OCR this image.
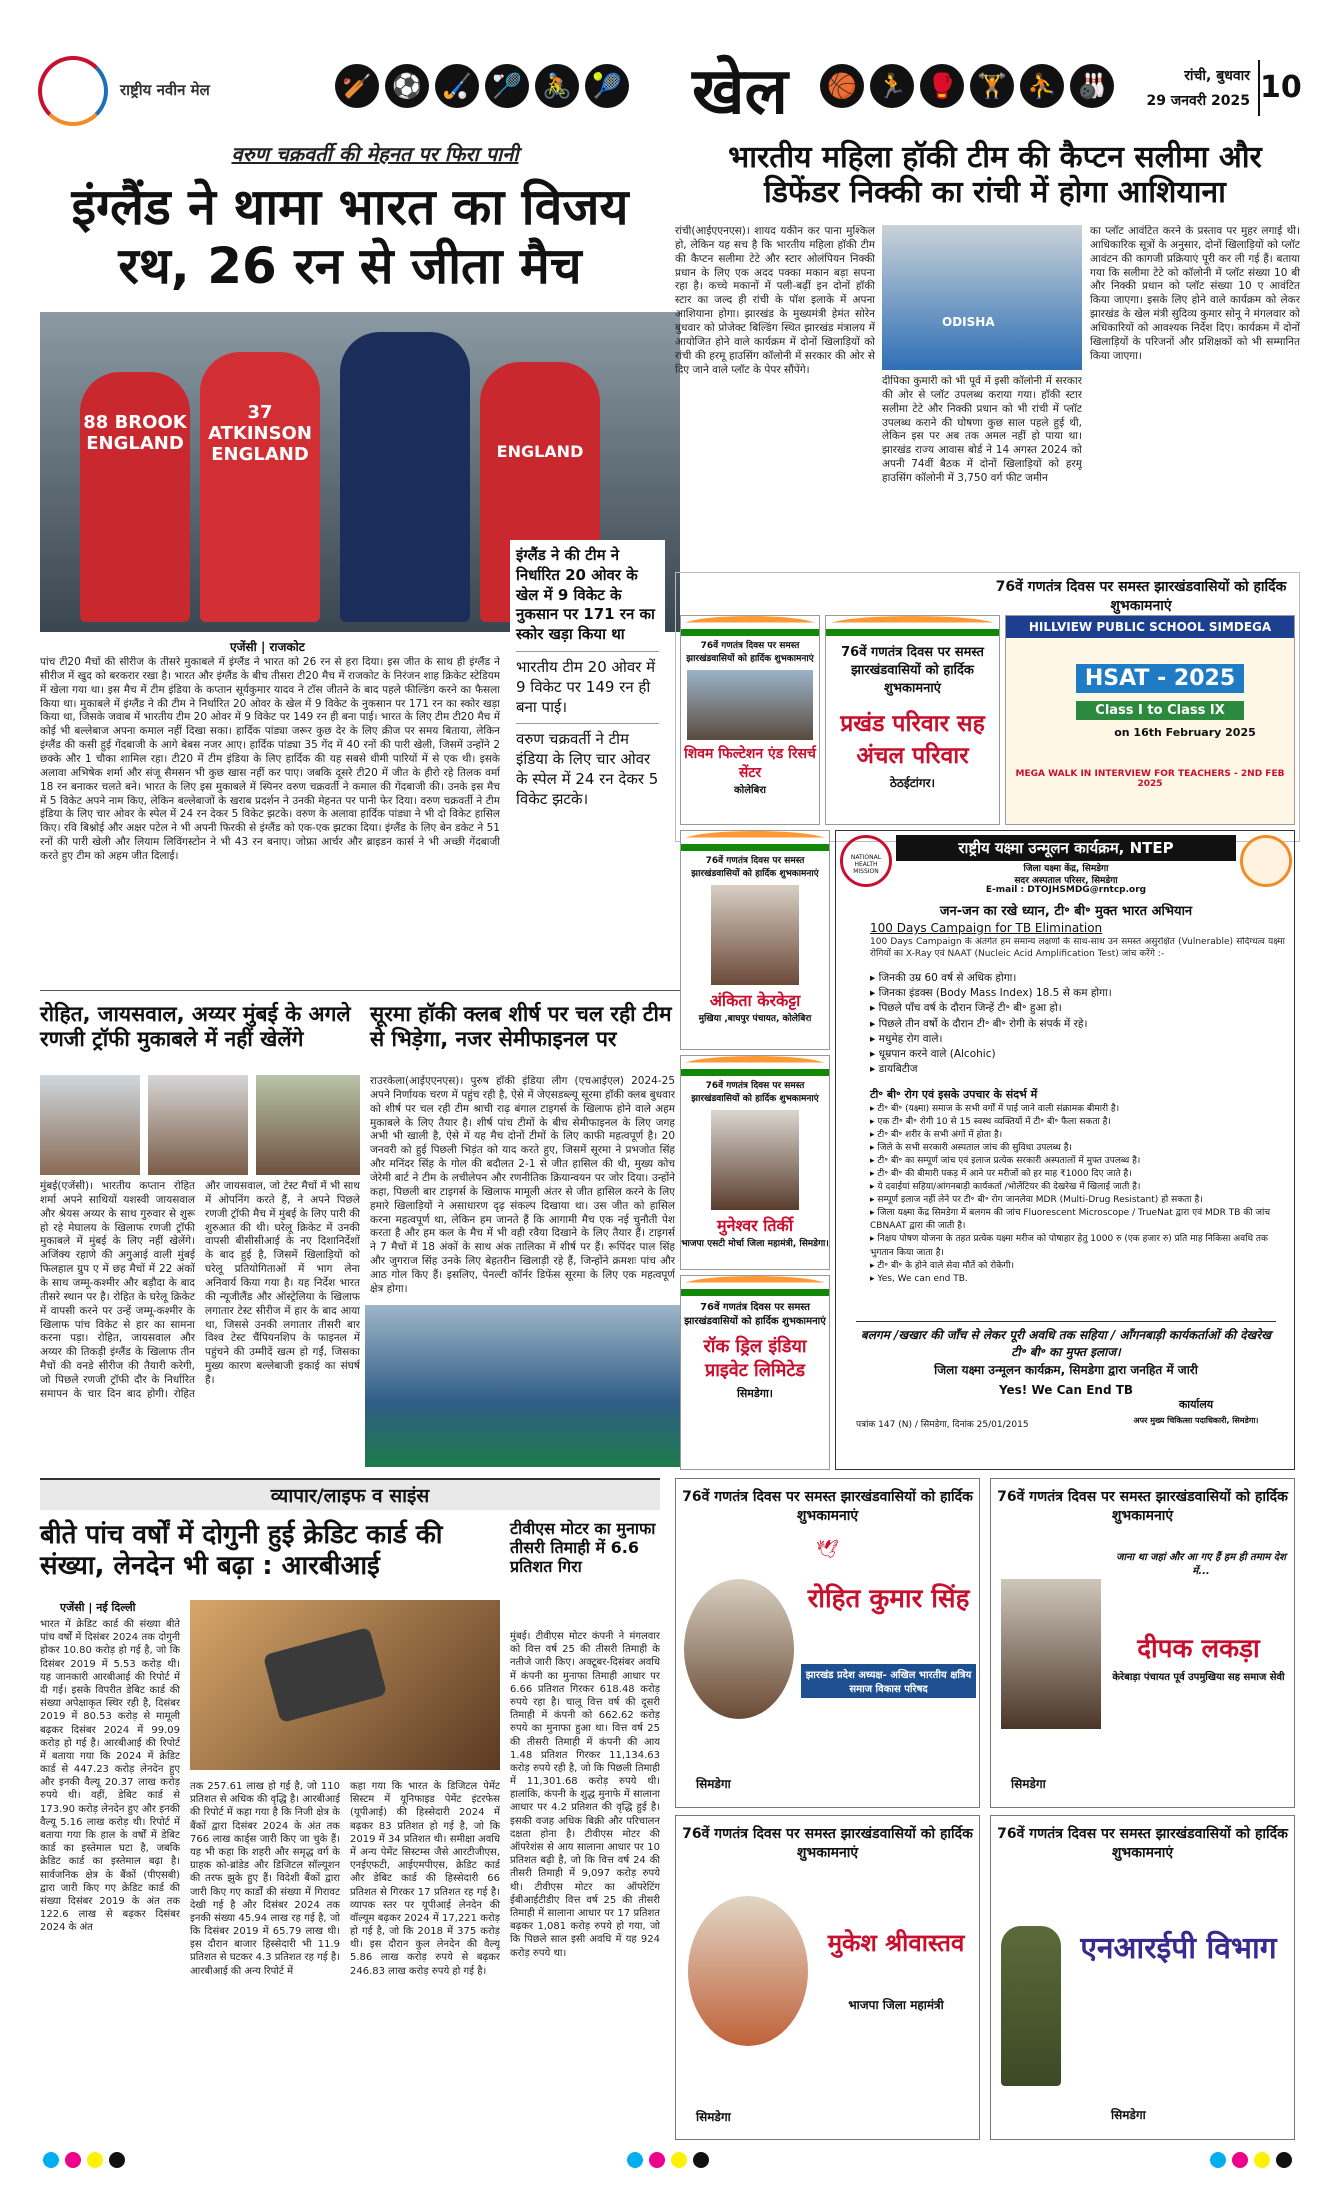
राष्ट्रीय नवीन मेल	🏏 ⚽ 🏑 🏸 🚴 🎾	खेल	🏀 🏃 🥊 🏋 ⛹ 🎳	रांची, बुधवार
29 जनवरी 2025 10
वरुण चक्रवर्ती की मेहनत पर फिरा पानी
इंग्लैंड ने थामा भारत का विजय रथ, 26 रन से जीता मैच
88 BROOK ENGLAND
37 ATKINSON ENGLAND	ENGLAND
इंग्लैंड ने की टीम ने निर्धारित 20 ओवर के खेल में 9 विकेट के नुकसान पर 171 रन का स्कोर खड़ा किया था
भारतीय टीम 20 ओवर में 9 विकेट पर 149 रन ही बना पाई।
वरुण चक्रवर्ती ने टीम इंडिया के लिए चार ओवर के स्पेल में 24 रन देकर 5 विकेट झटके।
एजेंसी | राजकोट
पांच टी20 मैचों की सीरीज के तीसरे मुकाबले में इंग्लैंड ने भारत को 26 रन से हरा दिया। इस जीत के साथ ही इंग्लैंड ने सीरीज में खुद को बरकरार रखा है। भारत और इंग्लैंड के बीच तीसरा टी20 मैच में राजकोट के निरंजन शाह क्रिकेट स्टेडियम में खेला गया था। इस मैच में टीम इंडिया के कप्तान सूर्यकुमार यादव ने टॉस जीतने के बाद पहले फील्डिंग करने का फैसला किया था। मुकाबले में इंग्लैंड ने की टीम ने निर्धारित 20 ओवर के खेल में 9 विकेट के नुकसान पर 171 रन का स्कोर खड़ा किया था, जिसके जवाब में भारतीय टीम 20 ओवर में 9 विकेट पर 149 रन ही बना पाई। भारत के लिए टीम टी20 मैच में कोई भी बल्लेबाज अपना कमाल नहीं दिखा सका। हार्दिक पांड्या जरूर कुछ देर के लिए क्रीज पर समय बिताया, लेकिन इंग्लैंड की कसी हुई गेंदबाजी के आगे बेबस नजर आए। हार्दिक पांड्या 35 गेंद में 40 रनों की पारी खेली, जिसमें उन्होंने 2 छक्के और 1 चौका शामिल रहा। टी20 में टीम इंडिया के लिए हार्दिक की यह सबसे धीमी पारियों में से एक थी। इसके अलावा अभिषेक शर्मा और संजू सैमसन भी कुछ खास नहीं कर पाए। जबकि दूसरे टी20 में जीत के हीरो रहे तिलक वर्मा 18 रन बनाकर चलते बने। भारत के लिए इस मुकाबले में स्पिनर वरुण चक्रवर्ती ने कमाल की गेंदबाजी की। उनके इस मैच में 5 विकेट अपने नाम किए, लेकिन बल्लेबाजों के खराब प्रदर्शन ने उनकी मेहनत पर पानी फेर दिया। वरुण चक्रवर्ती ने टीम इंडिया के लिए चार ओवर के स्पेल में 24 रन देकर 5 विकेट झटके। वरुण के अलावा हार्दिक पांड्या ने भी दो विकेट हासिल किए। रवि बिश्नोई और अक्षर पटेल ने भी अपनी फिरकी से इंग्लैंड को एक-एक झटका दिया। इंग्लैंड के लिए बेन डकेट ने 51 रनों की पारी खेली और लियाम लिविंगस्टोन ने भी 43 रन बनाए। जोफ्रा आर्चर और ब्राइडन कार्स ने भी अच्छी गेंदबाजी करते हुए टीम को अहम जीत दिलाई।
रोहित, जायसवाल, अय्यर मुंबई के अगले रणजी ट्रॉफी मुकाबले में नहीं खेलेंगे
मुंबई(एजेंसी)। भारतीय कप्तान रोहित शर्मा अपने साथियों यशस्वी जायसवाल और श्रेयस अय्यर के साथ गुरुवार से शुरू हो रहे मेघालय के खिलाफ रणजी ट्रॉफी मुकाबले में मुंबई के लिए नहीं खेलेंगे। अजिंक्य रहाणे की अगुआई वाली मुंबई फिलहाल ग्रुप ए में छह मैचों में 22 अंकों के साथ जम्मू-कश्मीर और बड़ौदा के बाद तीसरे स्थान पर है। रोहित के घरेलू क्रिकेट में वापसी करने पर उन्हें जम्मू-कश्मीर के खिलाफ पांच विकेट से हार का सामना करना पड़ा। रोहित, जायसवाल और अय्यर की तिकड़ी इंग्लैंड के खिलाफ तीन मैचों की वनडे सीरीज की तैयारी करेगी, जो पिछले रणजी ट्रॉफी दौर के निर्धारित समापन के चार दिन बाद होगी। रोहित और जायसवाल, जो टेस्ट मैचों में भी साथ में ओपनिंग करते हैं, ने अपने पिछले रणजी ट्रॉफी मैच में मुंबई के लिए पारी की शुरुआत की थी। घरेलू क्रिकेट में उनकी वापसी बीसीसीआई के नए दिशानिर्देशों के बाद हुई है, जिसमें खिलाड़ियों को घरेलू प्रतियोगिताओं में भाग लेना अनिवार्य किया गया है। यह निर्देश भारत की न्यूजीलैंड और ऑस्ट्रेलिया के खिलाफ लगातार टेस्ट सीरीज में हार के बाद आया था, जिससे उनकी लगातार तीसरी बार विश्व टेस्ट चैंपियनशिप के फाइनल में पहुंचने की उम्मीदें खत्म हो गईं, जिसका मुख्य कारण बल्लेबाजी इकाई का संघर्ष है।
सूरमा हॉकी क्लब शीर्ष पर चल रही टीम से भिड़ेगा, नजर सेमीफाइनल पर
राउरकेला(आईएएनएस)। पुरुष हॉकी इंडिया लीग (एचआईएल) 2024-25 अपने निर्णायक चरण में पहुंच रही है, ऐसे में जेएसडब्ल्यू सूरमा हॉकी क्लब बुधवार को शीर्ष पर चल रही टीम श्राची राढ़ बंगाल टाइगर्स के खिलाफ होने वाले अहम मुकाबले के लिए तैयार है। शीर्ष पांच टीमों के बीच सेमीफाइनल के लिए जगह अभी भी खाली है, ऐसे में यह मैच दोनों टीमों के लिए काफी महत्वपूर्ण है। 20 जनवरी को हुई पिछली भिड़ंत को याद करते हुए, जिसमें सूरमा ने प्रभजोत सिंह और मनिंदर सिंह के गोल की बदौलत 2-1 से जीत हासिल की थी, मुख्य कोच जेरेमी बार्ट ने टीम के लचीलेपन और रणनीतिक क्रियान्वयन पर जोर दिया। उन्होंने कहा, पिछली बार टाइगर्स के खिलाफ मामूली अंतर से जीत हासिल करने के लिए हमारे खिलाड़ियों ने असाधारण दृढ़ संकल्प दिखाया था। उस जीत को हासिल करना महत्वपूर्ण था, लेकिन हम जानते हैं कि आगामी मैच एक नई चुनौती पेश करता है और हम कल के मैच में भी वही रवैया दिखाने के लिए तैयार हैं। टाइगर्स ने 7 मैचों में 18 अंकों के साथ अंक तालिका में शीर्ष पर हैं। रूपिंदर पाल सिंह और जुगराज सिंह उनके लिए बेहतरीन खिलाड़ी रहे हैं, जिन्होंने क्रमशः पांच और आठ गोल किए हैं। इसलिए, पेनल्टी कॉर्नर डिफेंस सूरमा के लिए एक महत्वपूर्ण क्षेत्र होगा।
भारतीय महिला हॉकी टीम की कैप्टन सलीमा और डिफेंडर निक्की का रांची में होगा आशियाना
रांची(आईएएनएस)। शायद यकीन कर पाना मुश्किल हो, लेकिन यह सच है कि भारतीय महिला हॉकी टीम की कैप्टन सलीमा टेटे और स्टार ओलंपियन निक्की प्रधान के लिए एक अदद पक्का मकान बड़ा सपना रहा है। कच्चे मकानों में पली-बढ़ीं इन दोनों हॉकी स्टार का जल्द ही रांची के पॉश इलाके में अपना आशियाना होगा। झारखंड के मुख्यमंत्री हेमंत सोरेन बुधवार को प्रोजेक्ट बिल्डिंग स्थित झारखंड मंत्रालय में आयोजित होने वाले कार्यक्रम में दोनों खिलाड़ियों को रांची की हरमू हाउसिंग कॉलोनी में सरकार की ओर से दिए जाने वाले प्लॉट के पेपर सौंपेंगे।
ODISHA
दीपिका कुमारी को भी पूर्व में इसी कॉलोनी में सरकार की ओर से प्लॉट उपलब्ध कराया गया। हॉकी स्टार सलीमा टेटे और निक्की प्रधान को भी रांची में प्लॉट उपलब्ध कराने की घोषणा कुछ साल पहले हुई थी, लेकिन इस पर अब तक अमल नहीं हो पाया था। झारखंड राज्य आवास बोर्ड ने 14 अगस्त 2024 को अपनी 74वीं बैठक में दोनों खिलाड़ियों को हरमू हाउसिंग कॉलोनी में 3,750 वर्ग फीट जमीन
का प्लॉट आवंटित करने के प्रस्ताव पर मुहर लगाई थी। आधिकारिक सूत्रों के अनुसार, दोनों खिलाड़ियों को प्लॉट आवंटन की कागजी प्रक्रियाएं पूरी कर ली गई हैं। बताया गया कि सलीमा टेटे को कॉलोनी में प्लॉट संख्या 10 बी और निक्की प्रधान को प्लॉट संख्या 10 ए आवंटित किया जाएगा। इसके लिए होने वाले कार्यक्रम को लेकर झारखंड के खेल मंत्री सुदिव्य कुमार सोनू ने मंगलवार को अधिकारियों को आवश्यक निर्देश दिए। कार्यक्रम में दोनों खिलाड़ियों के परिजनों और प्रशिक्षकों को भी सम्मानित किया जाएगा।
76वें गणतंत्र दिवस पर समस्त झारखंडवासियों को हार्दिक शुभकामनाएं
76वें गणतंत्र दिवस पर समस्त झारखंडवासियों को हार्दिक शुभकामनाएं
शिवम फिल्टेशन एंड रिसर्च सेंटर
कोलेबिरा
76वें गणतंत्र दिवस पर समस्त झारखंडवासियों को हार्दिक शुभकामनाएं
प्रखंड परिवार सह अंचल परिवार
ठेठईटांगर।
HILLVIEW PUBLIC SCHOOL SIMDEGA
HSAT - 2025
Class I to Class IX
on 16th February 2025
MEGA WALK IN INTERVIEW FOR TEACHERS - 2ND FEB 2025
76वें गणतंत्र दिवस पर समस्त झारखंडवासियों को हार्दिक शुभकामनाएं
अंकिता केरकेट्टा
मुखिया ,बाघपुर पंचायत, कोलेबिरा
76वें गणतंत्र दिवस पर समस्त झारखंडवासियों को हार्दिक शुभकामनाएं
मुनेश्वर तिर्की
भाजपा एसटी मोर्चा जिला महामंत्री, सिमडेगा।
76वें गणतंत्र दिवस पर समस्त झारखंडवासियों को हार्दिक शुभकामनाएं
रॉक ड्रिल इंडिया प्राइवेट लिमिटेड
सिमडेगा।
NATIONAL HEALTH MISSION
राष्ट्रीय यक्ष्मा उन्मूलन कार्यक्रम, NTEP
जिला यक्ष्मा केंद्र, सिमडेगा
सदर अस्पताल परिसर, सिमडेगा
E-mail : DTOJHSMDG@rntcp.org
जन-जन का रखे ध्यान, टी॰ बी॰ मुक्त भारत अभियान
100 Days Campaign for TB Elimination
100 Days Campaign के अंतर्गत हम समान्य लक्षणों के साथ-साथ उन समस्त असुरक्षित (Vulnerable) संदिग्धत्व यक्ष्मा रोगियों का X-Ray एवं NAAT (Nucleic Acid Amplification Test) जांच करेंगे :-
▸ जिनकी उम्र 60 वर्ष से अधिक होगा।
▸ जिनका इंडक्स (Body Mass Index) 18.5 से कम होगा।
▸ पिछले पाँच वर्ष के दौरान जिन्हें टी॰ बी॰ हुआ हो।
▸ पिछले तीन वर्षो के दौरान टी॰ बी॰ रोगी के संपर्क में रहे।
▸ मधुमेह रोग वाले।
▸ धूम्रपान करने वाले (Alcohic)
▸ डायबिटीज
टी॰ बी॰ रोग एवं इसके उपचार के संदर्भ में
▸ टी॰ बी॰ (यक्ष्मा) समाज के सभी वर्गों में पाई जाने वाली संक्रामक बीमारी है।
▸ एक टी॰ बी॰ रोगी 10 से 15 स्वस्थ व्यक्तियों में टी॰ बी॰ फैला सकता है।
▸ टी॰ बी॰ शरीर के सभी अंगों में होता है।
▸ जिले के सभी सरकारी अस्पताल जांच की सुविधा उपलब्ध है।
▸ टी॰ बी॰ का सम्पूर्ण जांच एवं इलाज प्रत्येक सरकारी अस्पतालों में मुफ्त उपलब्ध है।
▸ टी॰ बी॰ की बीमारी पकड़ में आने पर मरीजों को हर माह ₹1000 दिए जाते है।
▸ ये दवाईयां सहिया/आंगनबाड़ी कार्यकर्ता /भोलेंटियर की देखरेख में खिलाई जाती है।
▸ सम्पूर्ण इलाज नहीं लेने पर टी॰ बी॰ रोग जानलेवा MDR (Multi-Drug Resistant) हो सकता है।
▸ जिला यक्ष्मा केंद्र सिमडेगा में बलगम की जांच Fluorescent Microscope / TrueNat द्वारा एवं MDR TB की जांच CBNAAT द्वारा की जाती है।
▸ निक्षय पोषण योजना के तहत प्रत्येक यक्ष्मा मरीज को पोषाहार हेतु 1000 रु (एक हजार रु) प्रति माह निकिसा अवधि तक भुगतान किया जाता है।
▸ टी॰ बी॰ के होने वाले सेवा मौतें को रोकेगी।
▸ Yes, We can end TB.
बलगम /खखार की जाँच से लेकर पूरी अवधि तक सहिया / आँगनबाड़ी कार्यकर्ताओं की देखरेख टी॰ बी॰ का मुफ्त इलाज।
जिला यक्ष्मा उन्मूलन कार्यक्रम, सिमडेगा द्वारा जनहित में जारी
Yes! We Can End TB
पत्रांक 147 (N) / सिमडेगा, दिनांक 25/01/2015
कार्यालय
अपर मुख्य चिकित्सा पदाधिकारी, सिमडेगा।
व्यापार/लाइफ व साइंस
बीते पांच वर्षों में दोगुनी हुई क्रेडिट कार्ड की संख्या, लेनदेन भी बढ़ा : आरबीआई
एजेंसी | नई दिल्ली
भारत में क्रेडिट कार्ड की संख्या बीते पांच वर्षों में दिसंबर 2024 तक दोगुनी होकर 10.80 करोड़ हो गई है, जो कि दिसंबर 2019 में 5.53 करोड़ थी। यह जानकारी आरबीआई की रिपोर्ट में दी गई। इसके विपरीत डेबिट कार्ड की संख्या अपेक्षाकृत स्थिर रही है, दिसंबर 2019 में 80.53 करोड़ से मामूली बढ़कर दिसंबर 2024 में 99.09 करोड़ हो गई है। आरबीआई की रिपोर्ट में बताया गया कि 2024 में क्रेडिट कार्ड से 447.23 करोड़ लेनदेन हुए और इनकी वैल्यू 20.37 लाख करोड़ रुपये थी। वहीं, डेबिट कार्ड से 173.90 करोड़ लेनदेन हुए और इनकी वैल्यू 5.16 लाख करोड़ थी। रिपोर्ट में बताया गया कि हाल के वर्षों में डेबिट कार्ड का इस्तेमाल घटा है, जबकि क्रेडिट कार्ड का इस्तेमाल बढ़ा है। सार्वजनिक क्षेत्र के बैंकों (पीएसबी) द्वारा जारी किए गए क्रेडिट कार्ड की संख्या दिसंबर 2019 के अंत तक 122.6 लाख से बढ़कर दिसंबर 2024 के अंत
तक 257.61 लाख हो गई है, जो 110 प्रतिशत से अधिक की वृद्धि है। आरबीआई की रिपोर्ट में कहा गया है कि निजी क्षेत्र के बैंकों द्वारा दिसंबर 2024 के अंत तक 766 लाख कार्ड्स जारी किए जा चुके हैं। यह भी कहा कि शहरी और समृद्ध वर्ग के ग्राहक को-ब्रांडेड और डिजिटल सॉल्यूशन की तरफ झुके हुए हैं। विदेशी बैंकों द्वारा जारी किए गए कार्डों की संख्या में गिरावट देखी गई है और दिसंबर 2024 तक इनकी संख्या 45.94 लाख रह गई है, जो कि दिसंबर 2019 में 65.79 लाख थी। इस दौरान बाजार हिस्सेदारी भी 11.9 प्रतिशत से घटकर 4.3 प्रतिशत रह गई है। आरबीआई की अन्य रिपोर्ट में
कहा गया कि भारत के डिजिटल पेमेंट सिस्टम में यूनिफाइड पेमेंट इंटरफेस (यूपीआई) की हिस्सेदारी 2024 में बढ़कर 83 प्रतिशत हो गई है, जो कि 2019 में 34 प्रतिशत थी। समीक्षा अवधि में अन्य पेमेंट सिस्टम्स जैसे आरटीजीएस, एनईएफटी, आईएमपीएस, क्रेडिट कार्ड और डेबिट कार्ड की हिस्सेदारी 66 प्रतिशत से गिरकर 17 प्रतिशत रह गई है। व्यापक स्तर पर यूपीआई लेनदेन की वॉल्यूम बढ़कर 2024 में 17,221 करोड़ हो गई है, जो कि 2018 में 375 करोड़ थी। इस दौरान कुल लेनदेन की वैल्यू 5.86 लाख करोड़ रुपये से बढ़कर 246.83 लाख करोड़ रुपये हो गई है।
टीवीएस मोटर का मुनाफा तीसरी तिमाही में 6.6 प्रतिशत गिरा
मुंबई। टीवीएस मोटर कंपनी ने मंगलवार को वित्त वर्ष 25 की तीसरी तिमाही के नतीजे जारी किए। अक्टूबर-दिसंबर अवधि में कंपनी का मुनाफा तिमाही आधार पर 6.66 प्रतिशत गिरकर 618.48 करोड़ रुपये रहा है। चालू वित्त वर्ष की दूसरी तिमाही में कंपनी को 662.62 करोड़ रुपये का मुनाफा हुआ था। वित्त वर्ष 25 की तीसरी तिमाही में कंपनी की आय 1.48 प्रतिशत गिरकर 11,134.63 करोड़ रुपये रही है, जो कि पिछली तिमाही में 11,301.68 करोड़ रुपये थी। हालांकि, कंपनी के शुद्ध मुनाफे में सालाना आधार पर 4.2 प्रतिशत की वृद्धि हुई है। इसकी वजह अधिक बिक्री और परिचालन दक्षता होना है। टीवीएस मोटर की ऑपरेशंस से आय सालाना आधार पर 10 प्रतिशत बढ़ी है, जो कि वित्त वर्ष 24 की तीसरी तिमाही में 9,097 करोड़ रुपये थी। टीवीएस मोटर का ऑपरेटिंग ईबीआईटीडीए वित्त वर्ष 25 की तीसरी तिमाही में सालाना आधार पर 17 प्रतिशत बढ़कर 1,081 करोड़ रुपये हो गया, जो कि पिछले साल इसी अवधि में यह 924 करोड़ रुपये था।
76वें गणतंत्र दिवस पर समस्त झारखंडवासियों को हार्दिक शुभकामनाएं
🕊
रोहित कुमार सिंह
झारखंड प्रदेश अध्यक्ष- अखिल भारतीय क्षत्रिय समाज विकास परिषद
सिमडेगा
76वें गणतंत्र दिवस पर समस्त झारखंडवासियों को हार्दिक शुभकामनाएं
जाना था जहां और आ गए हैं हम ही तमाम देश में...
दीपक लकड़ा
केरेबाड़ा पंचायत पूर्व उपमुखिया सह समाज सेवी
सिमडेगा
76वें गणतंत्र दिवस पर समस्त झारखंडवासियों को हार्दिक शुभकामनाएं
मुकेश श्रीवास्तव
भाजपा जिला महामंत्री
सिमडेगा
76वें गणतंत्र दिवस पर समस्त झारखंडवासियों को हार्दिक शुभकामनाएं
एनआरईपी विभाग
सिमडेगा
